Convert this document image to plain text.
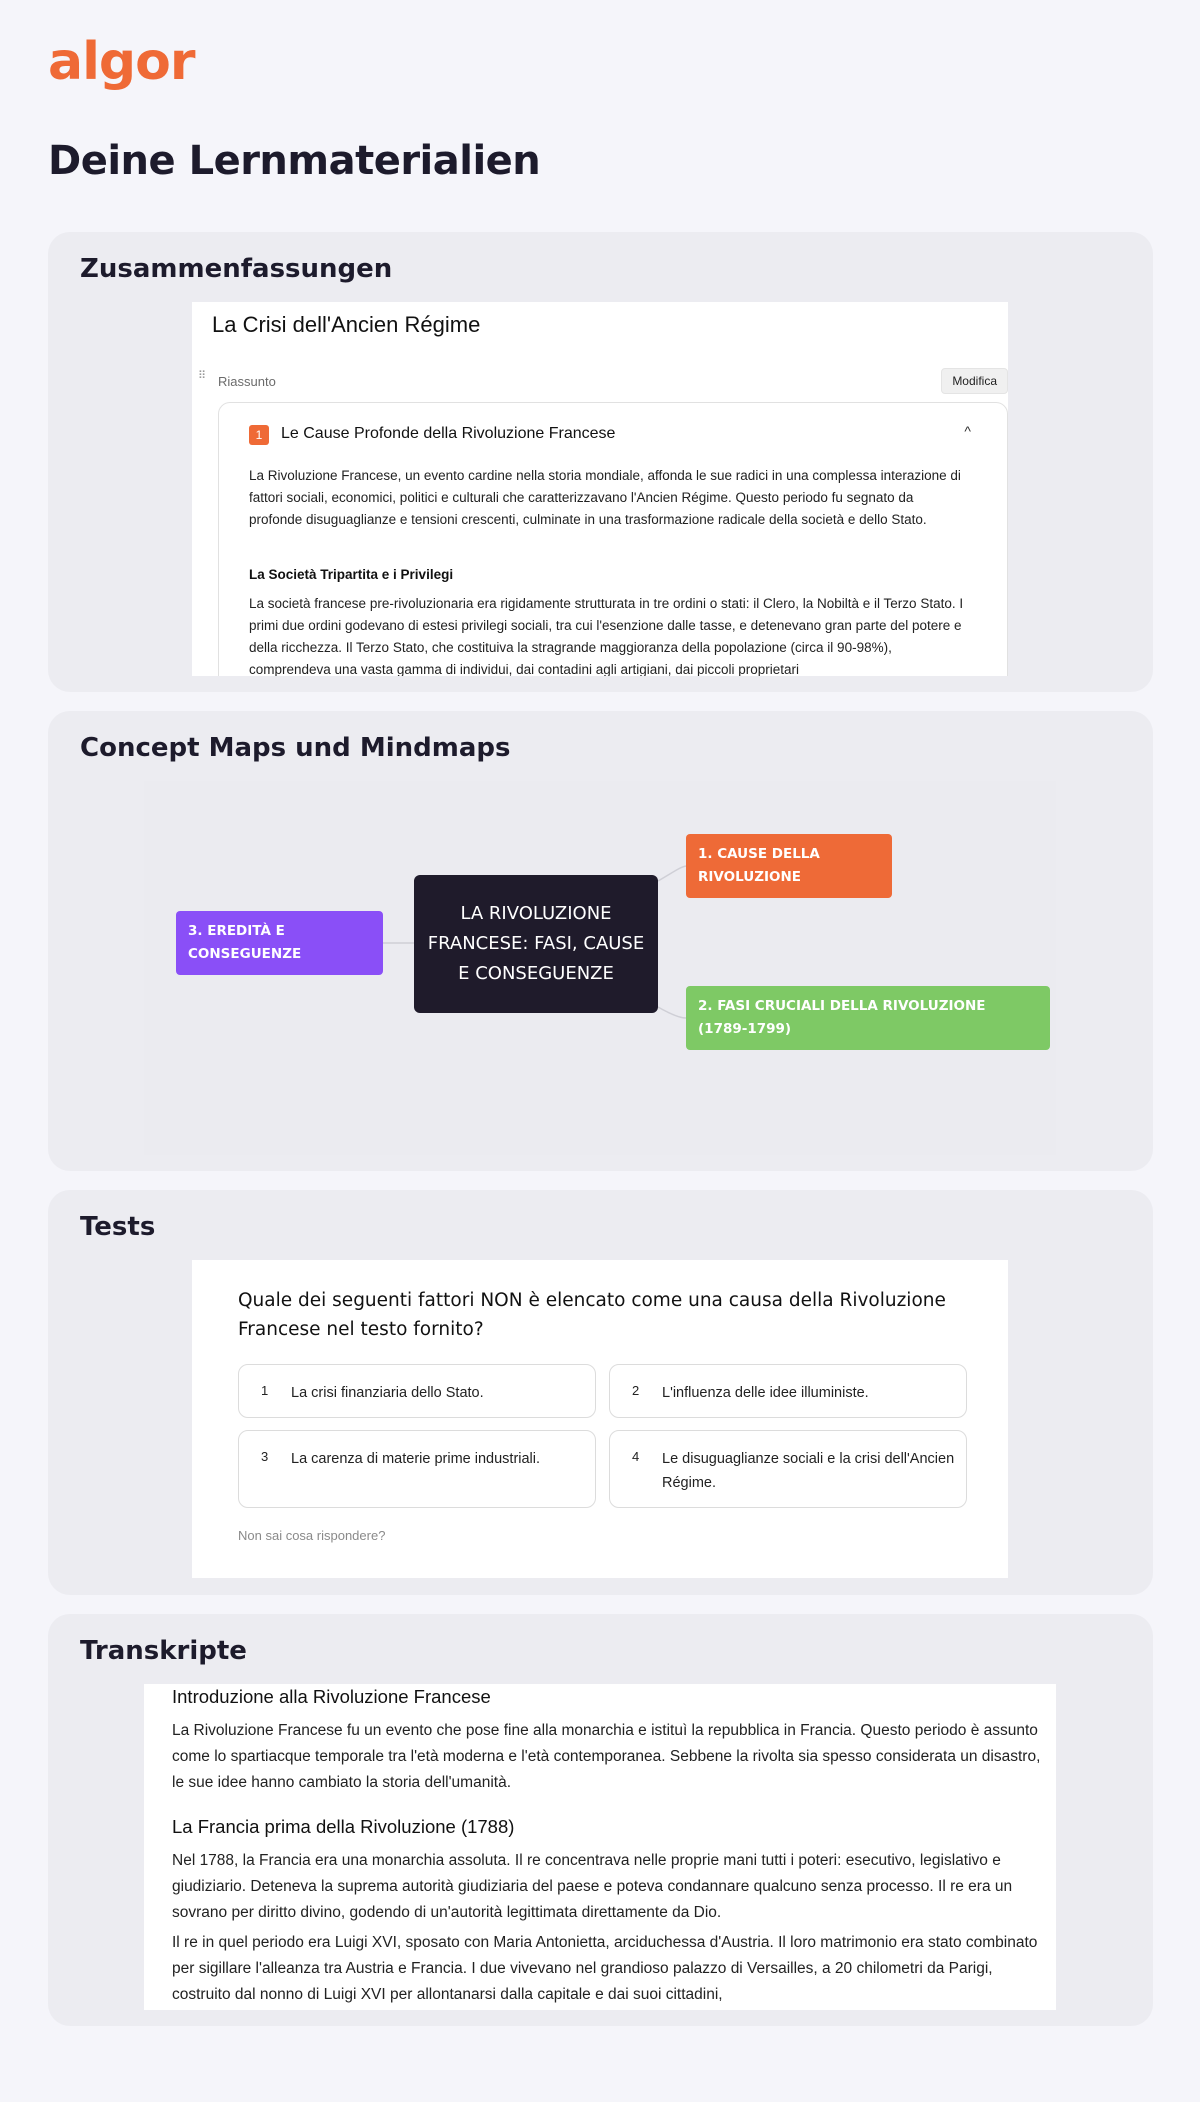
algor
Deine Lernmaterialien
Zusammenfassungen
La Crisi dell'Ancien Régime
⠿ Riassunto	Modifica
1	Le Cause Profonde della Rivoluzione Francese	^

La Rivoluzione Francese, un evento cardine nella storia mondiale, affonda le sue radici in una complessa interazione di fattori sociali, economici, politici e culturali che caratterizzavano l'Ancien Régime. Questo periodo fu segnato da profonde disuguaglianze e tensioni crescenti, culminate in una trasformazione radicale della società e dello Stato.

La Società Tripartita e i Privilegi

La società francese pre-rivoluzionaria era rigidamente strutturata in tre ordini o stati: il Clero, la Nobiltà e il Terzo Stato. I primi due ordini godevano di estesi privilegi sociali, tra cui l'esenzione dalle tasse, e detenevano gran parte del potere e della ricchezza. Il Terzo Stato, che costituiva la stragrande maggioranza della popolazione (circa il 90-98%), comprendeva una vasta gamma di individui, dai contadini agli artigiani, dai piccoli proprietari

Concept Maps und Mindmaps
LA RIVOLUZIONE FRANCESE: FASI, CAUSE E CONSEGUENZE
1. CAUSE DELLA RIVOLUZIONE
2. FASI CRUCIALI DELLA RIVOLUZIONE (1789-1799)
3. EREDITÀ E CONSEGUENZE
Tests
Quale dei seguenti fattori NON è elencato come una causa della Rivoluzione Francese nel testo fornito?
1 La crisi finanziaria dello Stato.	2 L'influenza delle idee illuministe.
3 La carenza di materie prime industriali.	4 Le disuguaglianze sociali e la crisi dell'Ancien Régime.
Non sai cosa rispondere?
Transkripte
Introduzione alla Rivoluzione Francese

La Rivoluzione Francese fu un evento che pose fine alla monarchia e istituì la repubblica in Francia. Questo periodo è assunto come lo spartiacque temporale tra l'età moderna e l'età contemporanea. Sebbene la rivolta sia spesso considerata un disastro, le sue idee hanno cambiato la storia dell'umanità.

La Francia prima della Rivoluzione (1788)

Nel 1788, la Francia era una monarchia assoluta. Il re concentrava nelle proprie mani tutti i poteri: esecutivo, legislativo e giudiziario. Deteneva la suprema autorità giudiziaria del paese e poteva condannare qualcuno senza processo. Il re era un sovrano per diritto divino, godendo di un'autorità legittimata direttamente da Dio.

Il re in quel periodo era Luigi XVI, sposato con Maria Antonietta, arciduchessa d'Austria. Il loro matrimonio era stato combinato per sigillare l'alleanza tra Austria e Francia. I due vivevano nel grandioso palazzo di Versailles, a 20 chilometri da Parigi, costruito dal nonno di Luigi XVI per allontanarsi dalla capitale e dai suoi cittadini,
